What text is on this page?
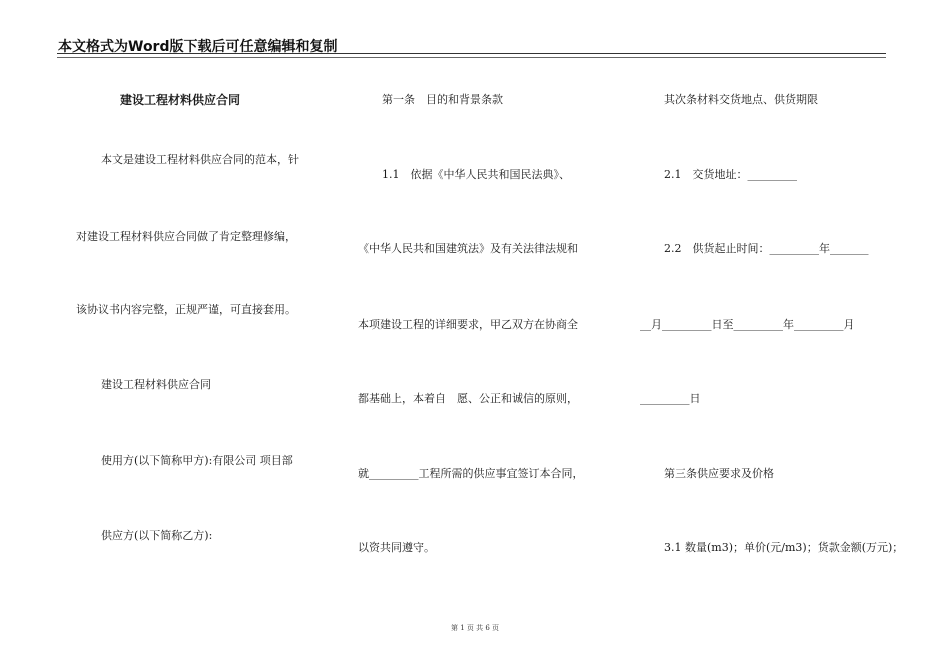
本文格式为Word版下载后可任意编辑和复制
建设工程材料供应合同
本文是建设工程材料供应合同的范本，针
对建设工程材料供应合同做了肯定整理修编，
该协议书内容完整，正规严谨，可直接套用。
建设工程材料供应合同
使用方(以下简称甲方):有限公司 项目部
供应方(以下简称乙方):
第一条　目的和背景条款
1.1　依据《中华人民共和国民法典》、
《中华人民共和国建筑法》及有关法律法规和
本项建设工程的详细要求，甲乙双方在协商全
都基础上，本着自　愿、公正和诚信的原则，
就_________工程所需的供应事宜签订本合同，
以资共同遵守。
其次条材料交货地点、供货期限
2.1　交货地址：_________
2.2　供货起止时间：_________年_______
__月_________日至_________年_________月
_________日
第三条供应要求及价格
3.1 数量(m3)；单价(元/m3)；货款金额(万元)；
第 1 页 共 6 页
